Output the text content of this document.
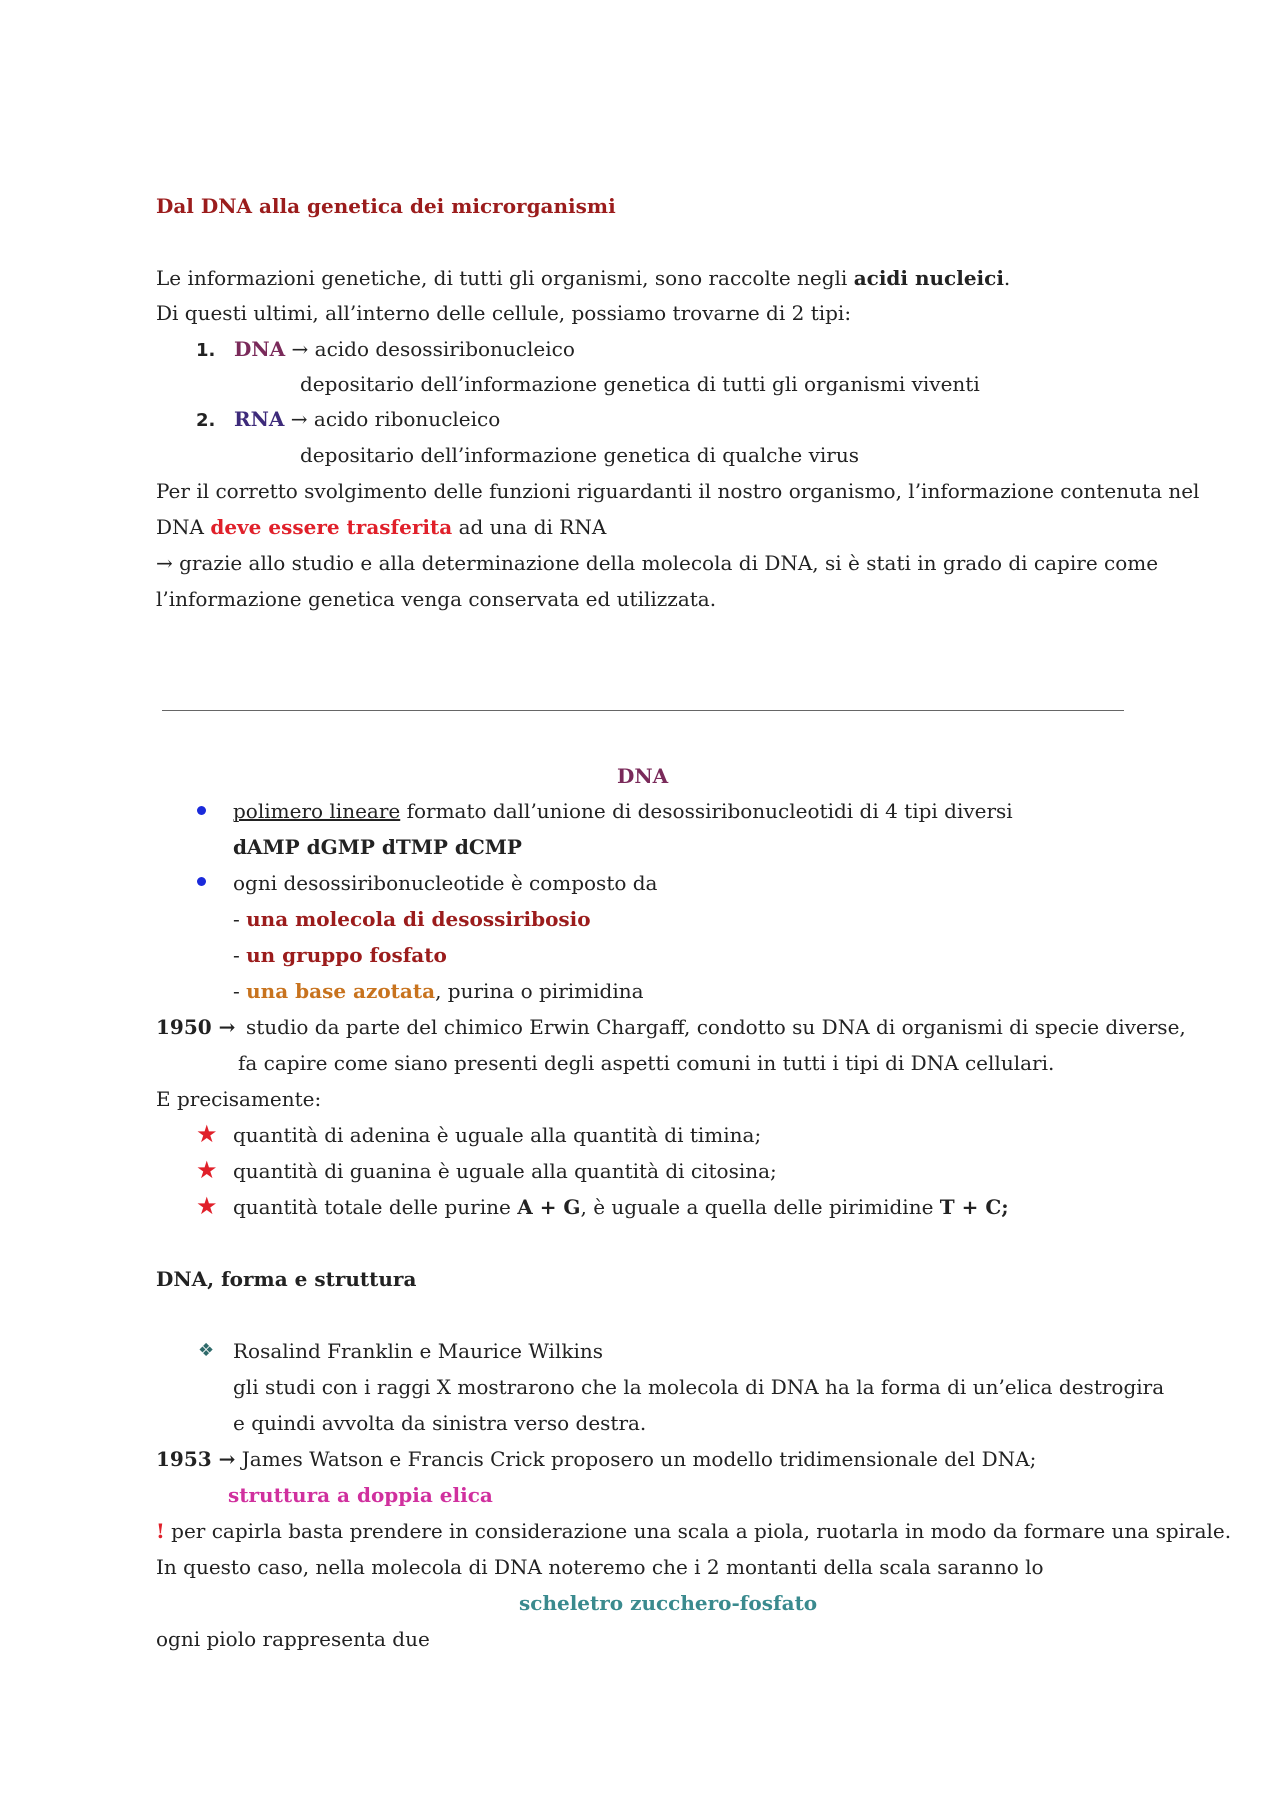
Dal DNA alla genetica dei microrganismi
Le informazioni genetiche, di tutti gli organismi, sono raccolte negli acidi nucleici.
Di questi ultimi, all’interno delle cellule, possiamo trovarne di 2 tipi:
1. DNA → acido desossiribonucleico
depositario dell’informazione genetica di tutti gli organismi viventi
2. RNA → acido ribonucleico
depositario dell’informazione genetica di qualche virus
Per il corretto svolgimento delle funzioni riguardanti il nostro organismo, l’informazione contenuta nel
DNA deve essere trasferita ad una di RNA
→ grazie allo studio e alla determinazione della molecola di DNA, si è stati in grado di capire come
l’informazione genetica venga conservata ed utilizzata.
DNA
polimero lineare formato dall’unione di desossiribonucleotidi di 4 tipi diversi
dAMP dGMP dTMP dCMP
ogni desossiribonucleotide è composto da
- una molecola di desossiribosio
- un gruppo fosfato
- una base azotata, purina o pirimidina
1950 → studio da parte del chimico Erwin Chargaff, condotto su DNA di organismi di specie diverse,
fa capire come siano presenti degli aspetti comuni in tutti i tipi di DNA cellulari.
E precisamente:
★ quantità di adenina è uguale alla quantità di timina;
★ quantità di guanina è uguale alla quantità di citosina;
★ quantità totale delle purine A + G, è uguale a quella delle pirimidine T + C;
DNA, forma e struttura
❖ Rosalind Franklin e Maurice Wilkins
gli studi con i raggi X mostrarono che la molecola di DNA ha la forma di un’elica destrogira
e quindi avvolta da sinistra verso destra.
1953 → James Watson e Francis Crick proposero un modello tridimensionale del DNA;
struttura a doppia elica
! per capirla basta prendere in considerazione una scala a piola, ruotarla in modo da formare una spirale.
In questo caso, nella molecola di DNA noteremo che i 2 montanti della scala saranno lo
scheletro zucchero-fosfato
ogni piolo rappresenta due
